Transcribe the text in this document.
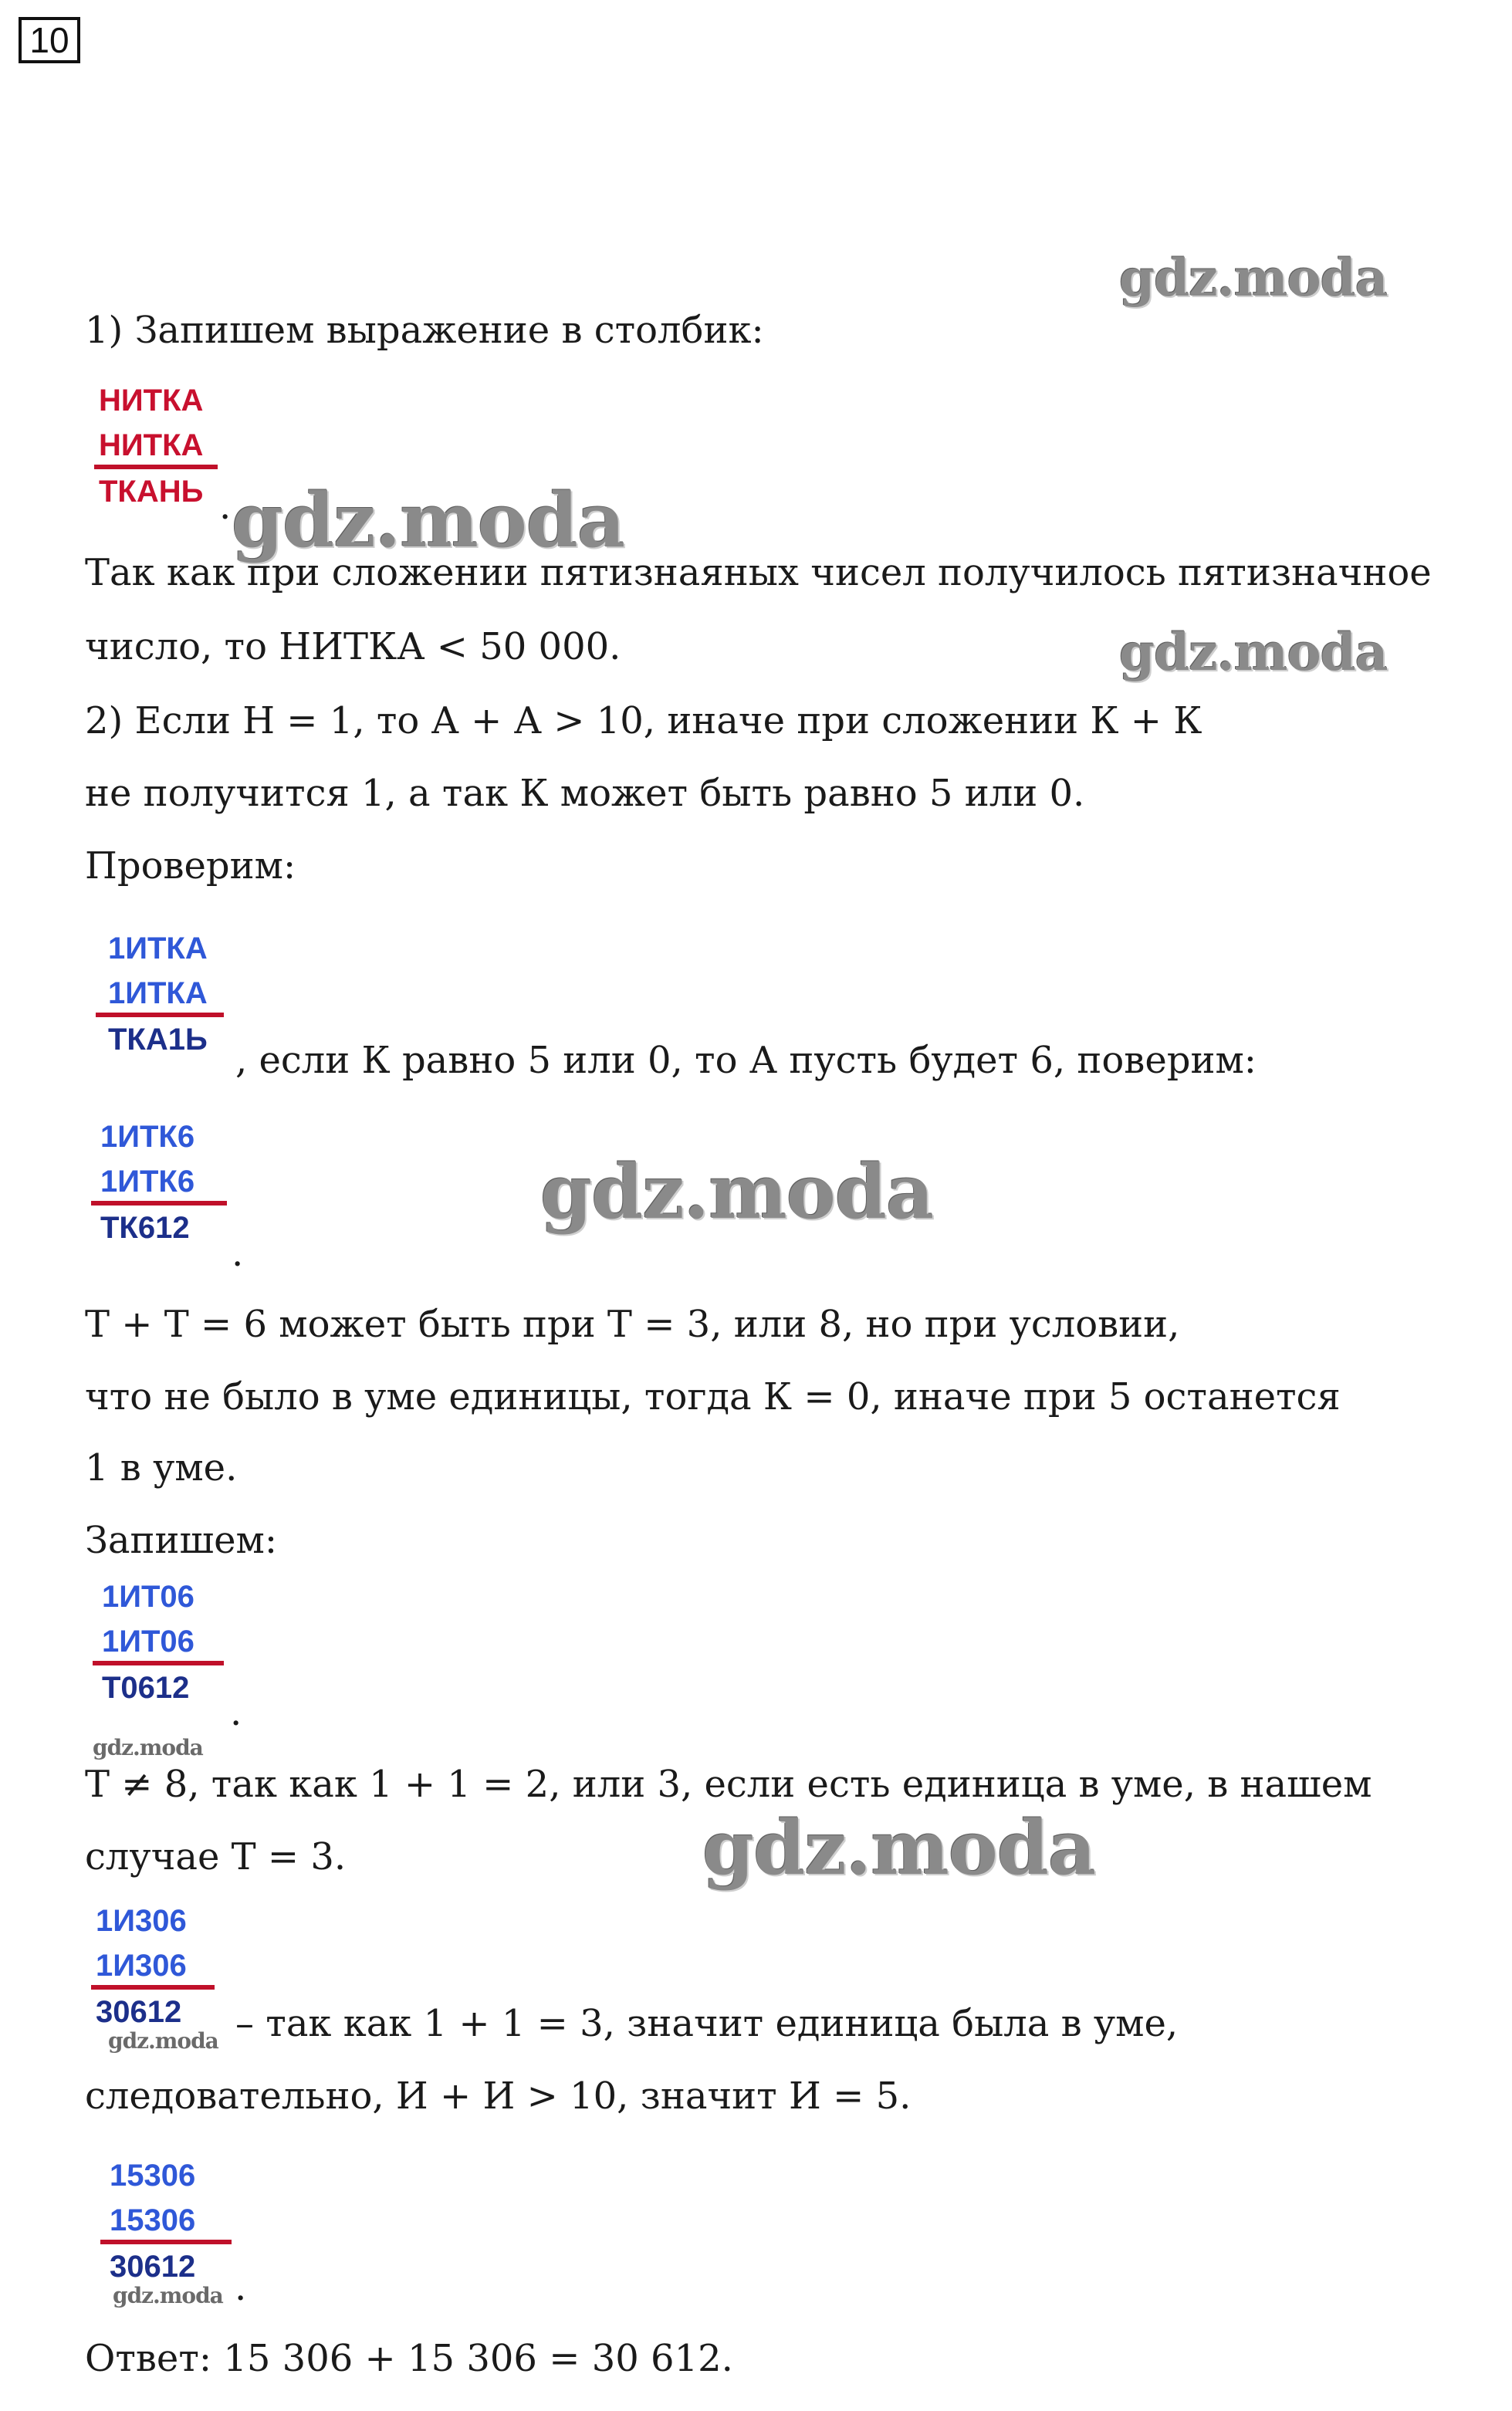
10
gdz.moda
gdz.moda
gdz.moda
gdz.moda
gdz.moda
gdz.moda
gdz.moda
gdz.moda
1) Запишем выражение в столбик:
НИТКА
НИТКА
ТКАНЬ .
Так как при сложении пятизнаяных чисел получилось пятизначное
число, то НИТКА < 50 000.
2) Если Н = 1, то А + А > 10, иначе при сложении К + К
не получится 1, а так К может быть равно 5 или 0.
Проверим:
1ИТКА
1ИТКА
ТКА1Ь , если К равно 5 или 0, то А пусть будет 6, поверим:
1ИТК6
1ИТК6
ТК612
.
Т + Т = 6 может быть при Т = 3, или 8, но при условии,
что не было в уме единицы, тогда К = 0, иначе при 5 останется
1 в уме.
Запишем:
1ИТ06
1ИТ06
Т0612
.
Т ≠ 8, так как 1 + 1 = 2, или 3, если есть единица в уме, в нашем
случае Т = 3.
1И306
1И306
30612	– так как 1 + 1 = 3, значит единица была в уме,
следовательно, И + И > 10, значит И = 5.
15306
15306
30612	.
Ответ: 15 306 + 15 306 = 30 612.
